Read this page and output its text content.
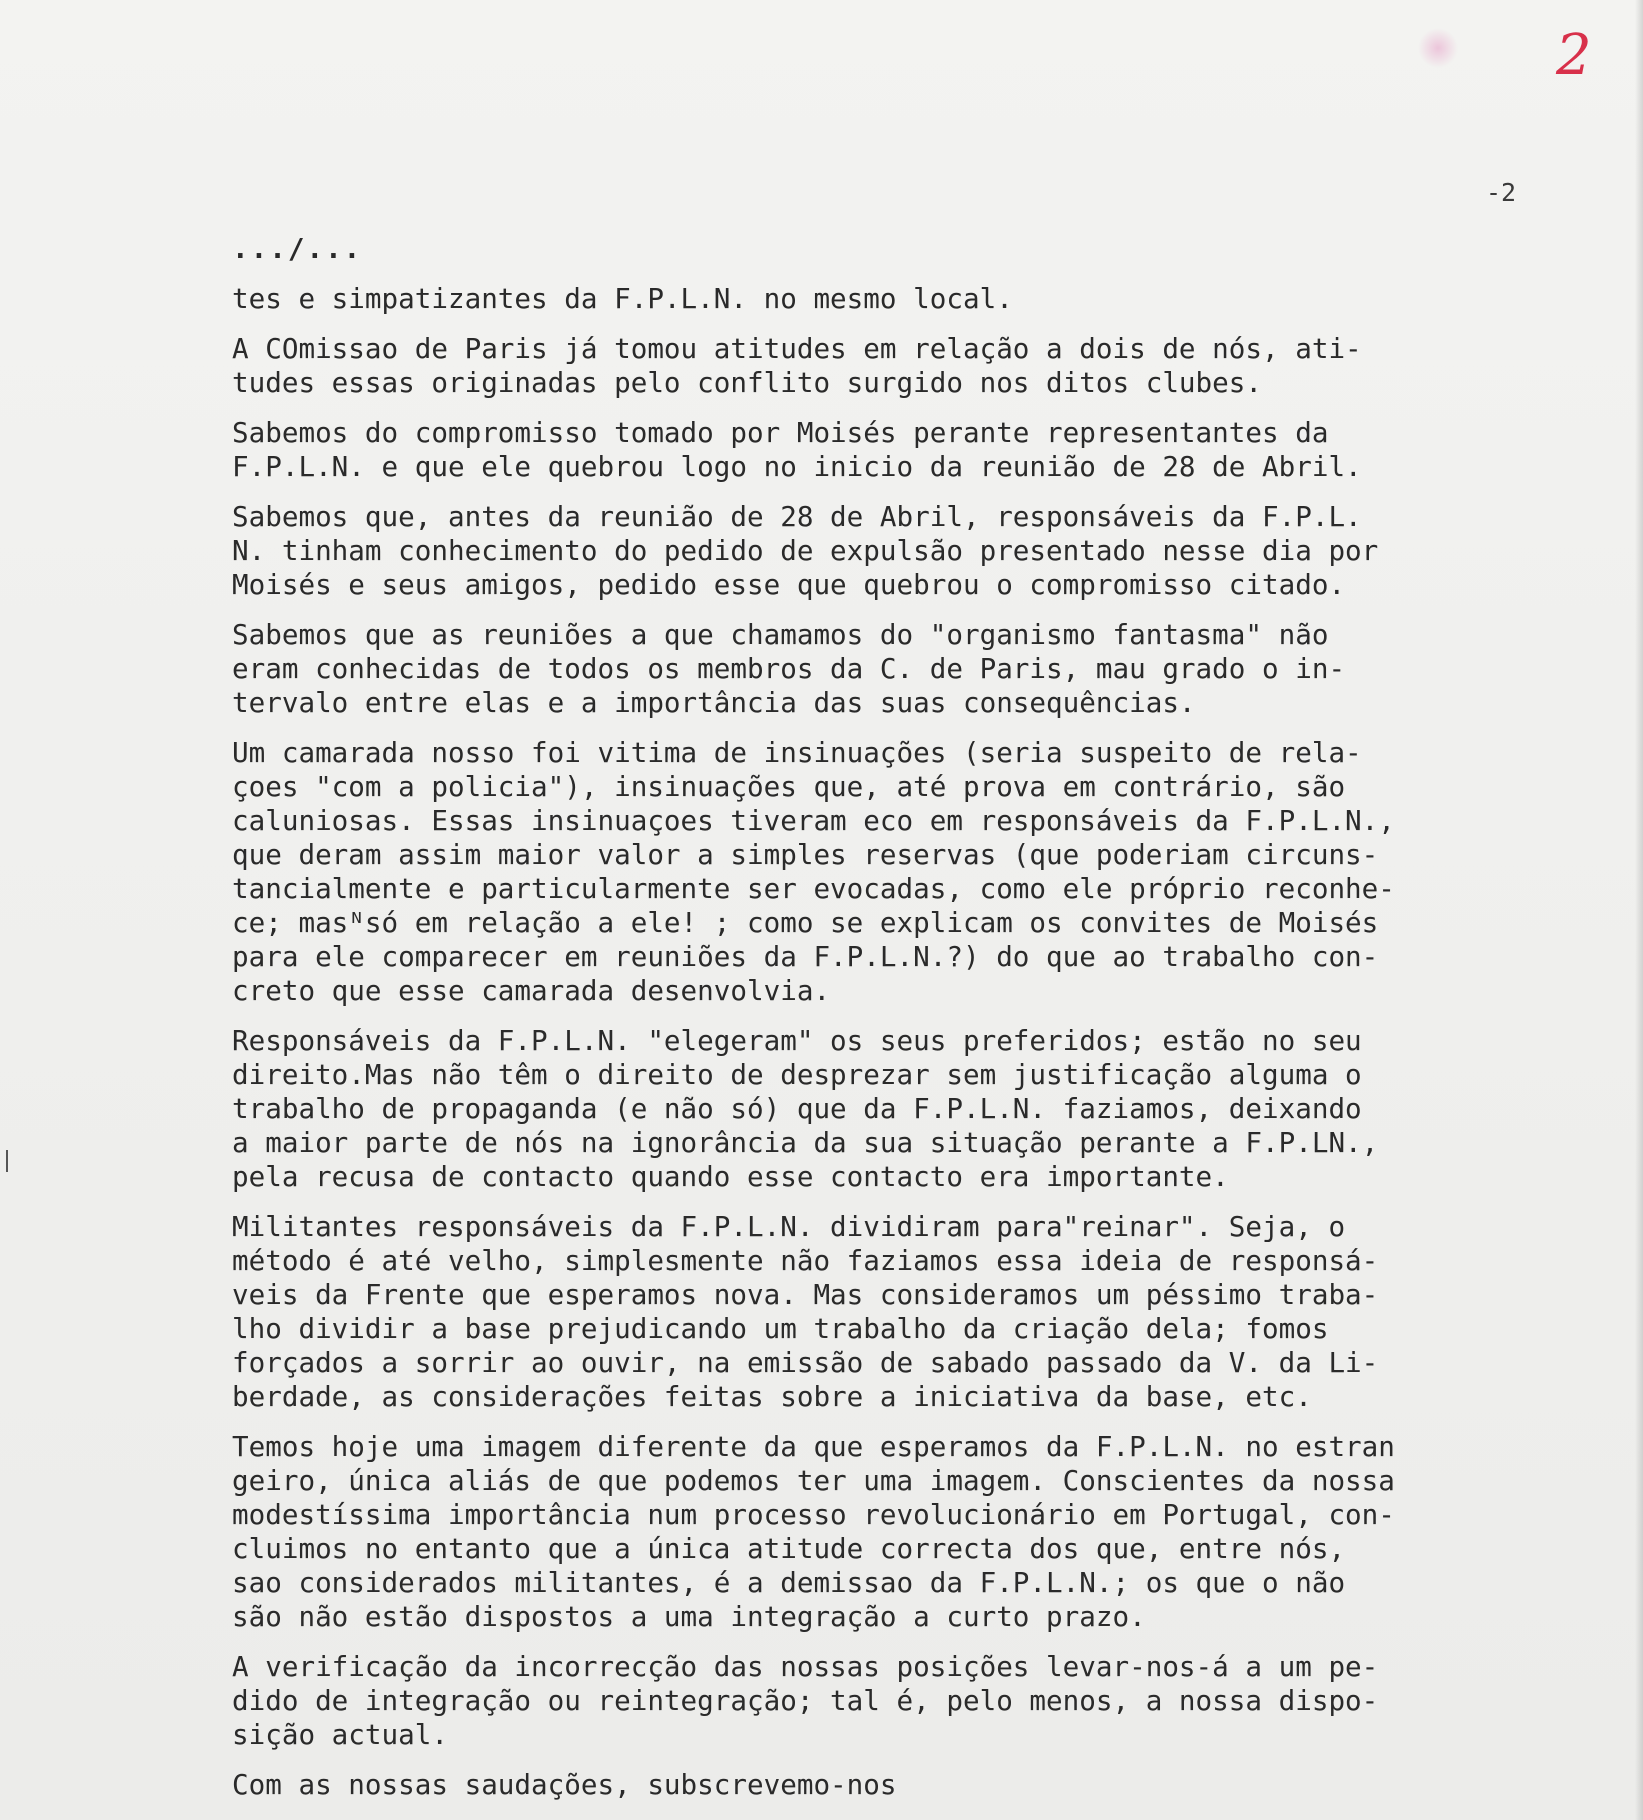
2
-2
.../...
tes e simpatizantes da F.P.L.N. no mesmo local.
A COmissao de Paris já tomou atitudes em relação a dois de nós, ati-
tudes essas originadas pelo conflito surgido nos ditos clubes.
Sabemos do compromisso tomado por Moisés perante representantes da
F.P.L.N. e que ele quebrou logo no inicio da reunião de 28 de Abril.
Sabemos que, antes da reunião de 28 de Abril, responsáveis da F.P.L.
N. tinham conhecimento do pedido de expulsão presentado nesse dia por
Moisés e seus amigos, pedido esse que quebrou o compromisso citado.
Sabemos que as reuniões a que chamamos do "organismo fantasma" não
eram conhecidas de todos os membros da C. de Paris, mau grado o in-
tervalo entre elas e a importância das suas consequências.
Um camarada nosso foi vitima de insinuações (seria suspeito de rela-
çoes "com a policia"), insinuações que, até prova em contrário, são
caluniosas. Essas insinuaçoes tiveram eco em responsáveis da F.P.L.N.,
que deram assim maior valor a simples reservas (que poderiam circuns-
tancialmente e particularmente ser evocadas, como ele próprio reconhe-
ce; masᴺsó em relação a ele! ; como se explicam os convites de Moisés
para ele comparecer em reuniões da F.P.L.N.?) do que ao trabalho con-
creto que esse camarada desenvolvia.
Responsáveis da F.P.L.N. "elegeram" os seus preferidos; estão no seu
direito.Mas não têm o direito de desprezar sem justificação alguma o
trabalho de propaganda (e não só) que da F.P.L.N. faziamos, deixando
a maior parte de nós na ignorância da sua situação perante a F.P.LN.,
pela recusa de contacto quando esse contacto era importante.
Militantes responsáveis da F.P.L.N. dividiram para"reinar". Seja, o
método é até velho, simplesmente não faziamos essa ideia de responsá-
veis da Frente que esperamos nova. Mas consideramos um péssimo traba-
lho dividir a base prejudicando um trabalho da criação dela; fomos
forçados a sorrir ao ouvir, na emissão de sabado passado da V. da Li-
berdade, as considerações feitas sobre a iniciativa da base, etc.
Temos hoje uma imagem diferente da que esperamos da F.P.L.N. no estran
geiro, única aliás de que podemos ter uma imagem. Conscientes da nossa
modestíssima importância num processo revolucionário em Portugal, con-
cluimos no entanto que a única atitude correcta dos que, entre nós,
sao considerados militantes, é a demissao da F.P.L.N.; os que o não
são não estão dispostos a uma integração a curto prazo.
A verificação da incorrecção das nossas posições levar-nos-á a um pe-
dido de integração ou reintegração; tal é, pelo menos, a nossa dispo-
sição actual.
Com as nossas saudações, subscrevemo-nos
